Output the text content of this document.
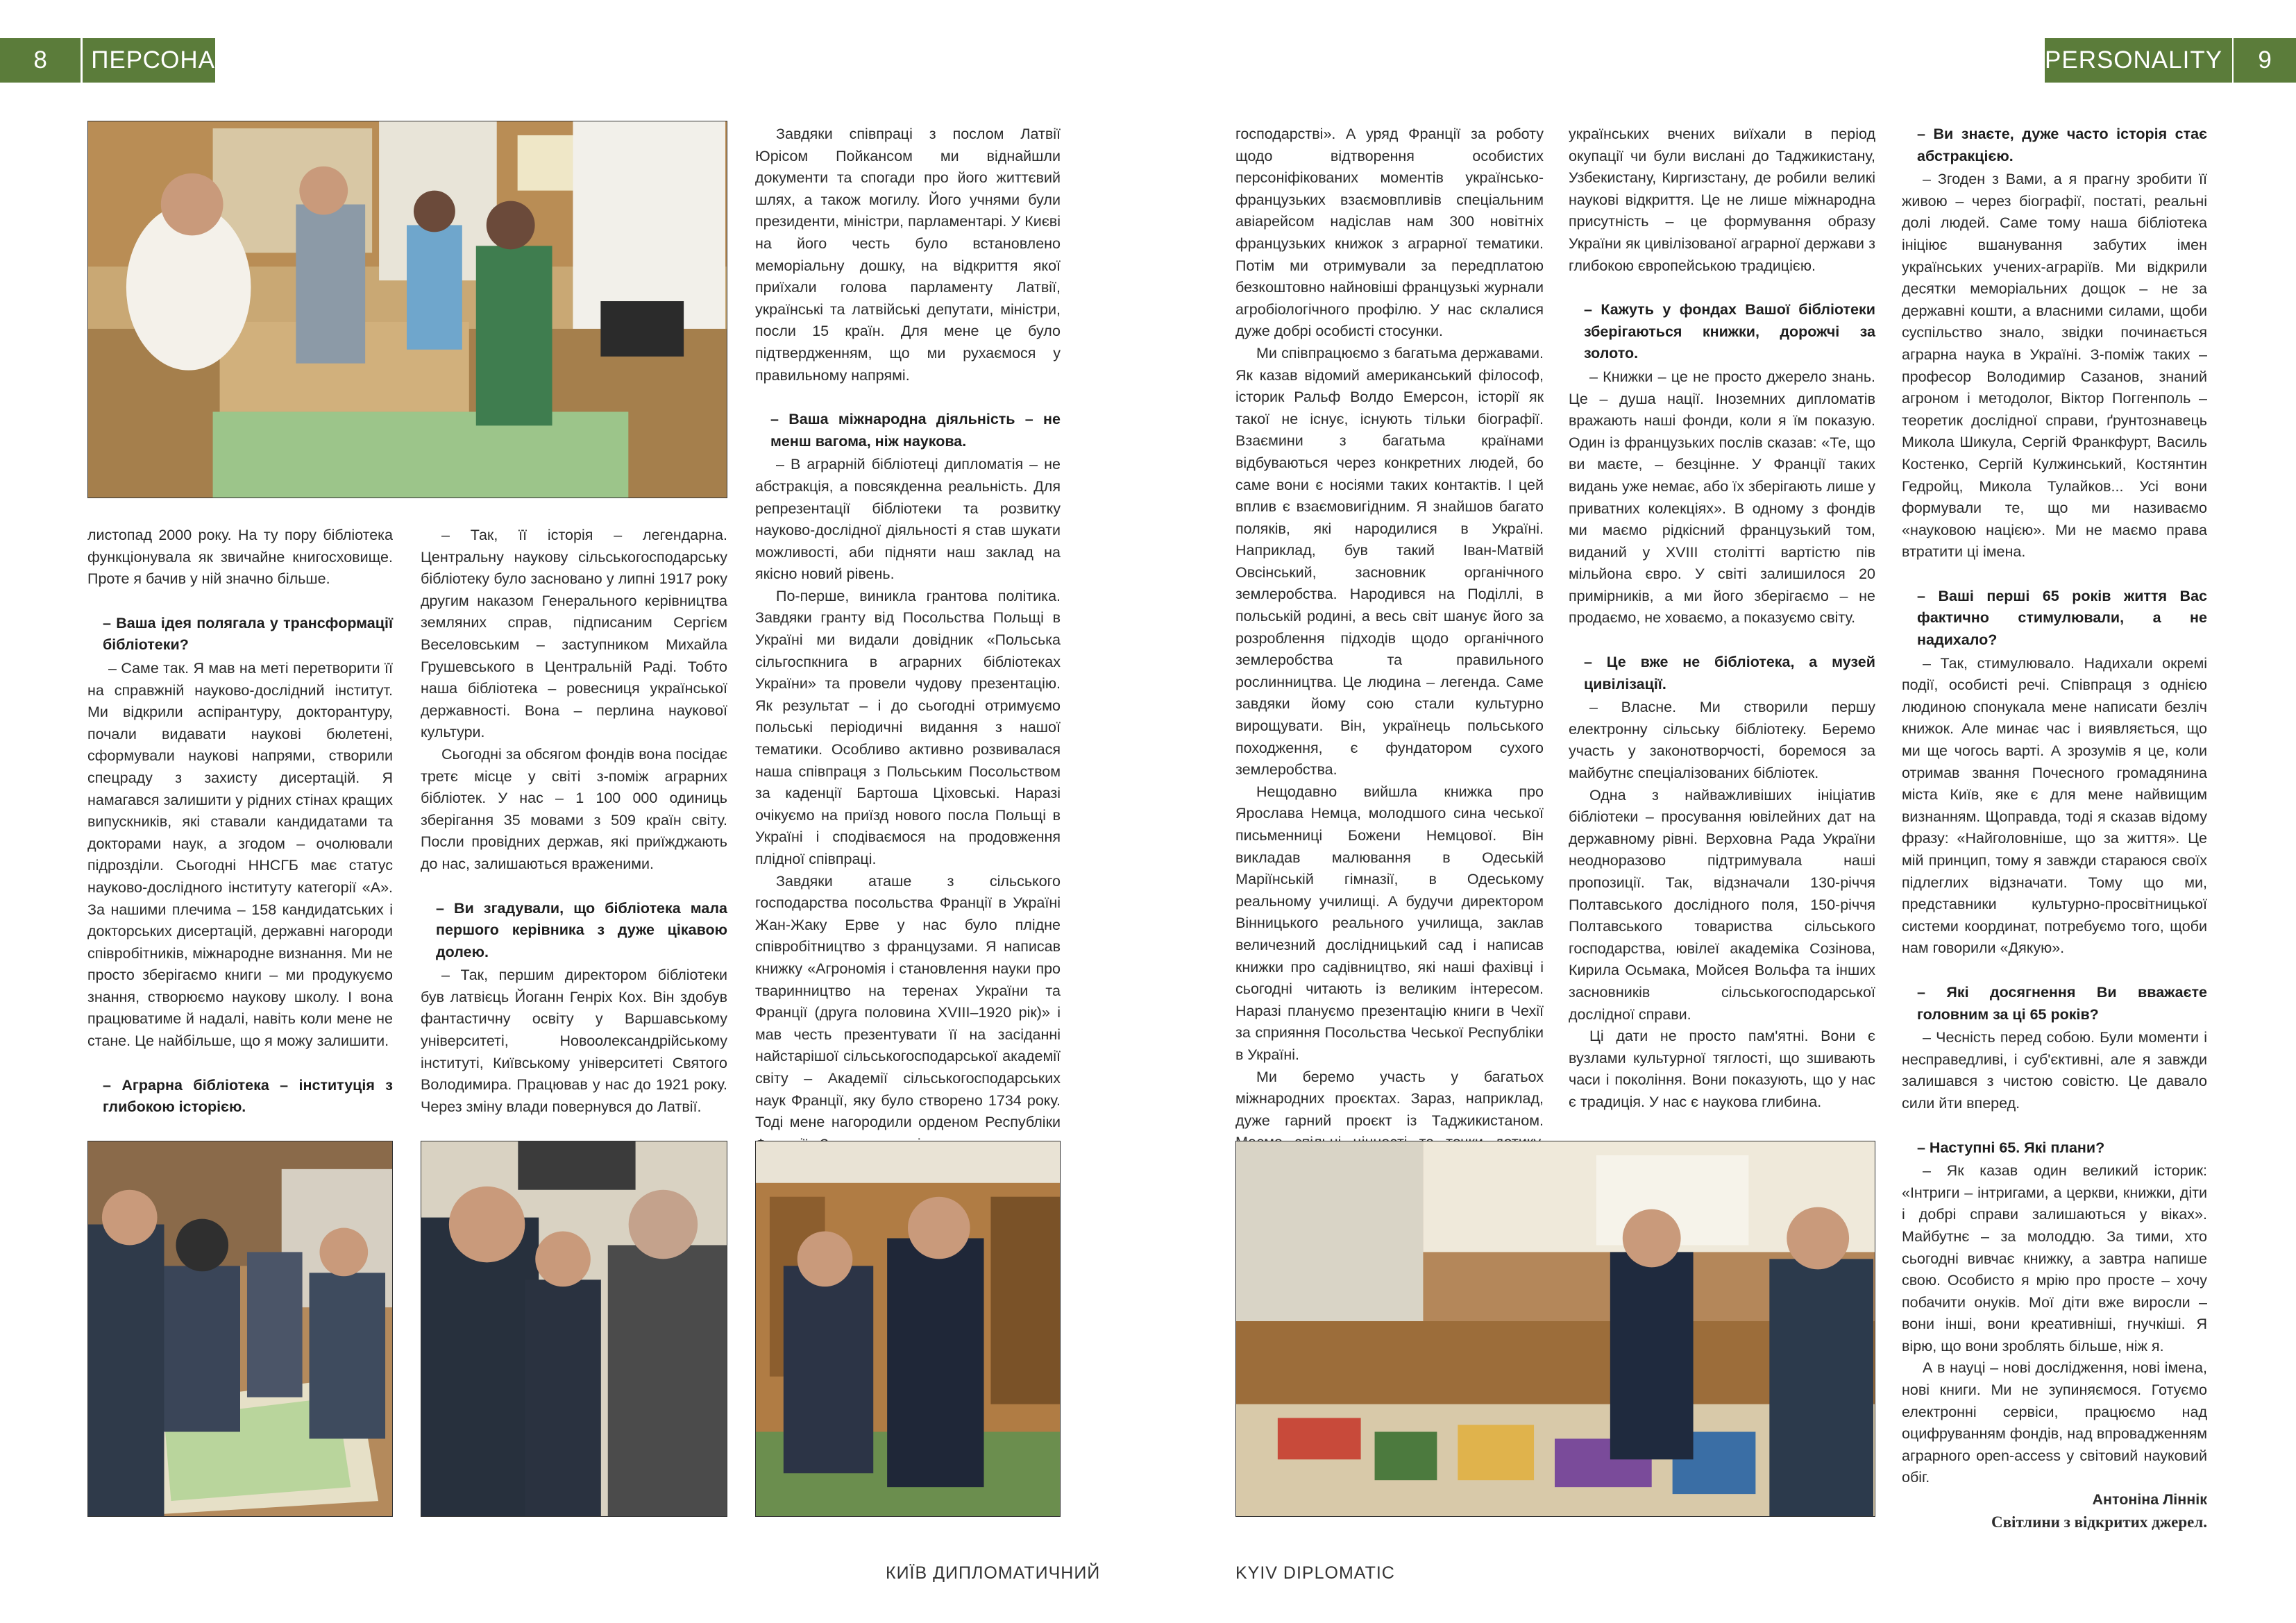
8	ПЕРСОНА	PERSONALITY	9

Завдяки співпраці з послом Латвії Юрісом Пойкансом ми віднайшли документи та спогади про його життєвий шлях, а також могилу. Його учнями були президенти, міністри, парламентарі. У Києві на його честь було встановлено меморіальну дошку, на відкриття якої приїхали голова парламенту Латвії, українські та латвійські депутати, міністри, посли 15 країн. Для мене це було підтвердженням, що ми рухаємося у правильному напрямі.

– Ваша міжнародна діяльність – не менш вагома, ніж наукова.

– В аграрній бібліотеці дипломатія – не абстракція, а повсякденна реальність. Для репрезентації бібліотеки та розвитку науково-дослідної діяльності я став шукати можливості, аби підняти наш заклад на якісно новий рівень.

По-перше, виникла грантова політика. Завдяки гранту від Посольства Польщі в Україні ми видали довідник «Польська сільгоспкнига в аграрних бібліотеках України» та провели чудову презентацію. Як результат – і до сьогодні отримуємо польські періодичні видання з нашої тематики. Особливо активно розвивалася наша співпраця з Польським Посольством за каденції Бартоша Ціховські. Наразі очікуємо на приїзд нового посла Польщі в Україні і сподіваємося на продовження плідної співпраці.

Завдяки аташе з сільського господарства посольства Франції в Україні Жан-Жаку Ерве у нас було плідне співробітництво з французами. Я написав книжку «Агрономія і становлення науки про тваринництво на теренах України та Франції (друга половина XVIII–1920 рік)» і мав честь презентувати її на засіданні найстарішої сільськогосподарської академії світу – Академії сільськогосподарських наук Франції, яку було створено 1734 року. Тоді мене нагородили орденом Республіки

листопад 2000 року. На ту пору бібліотека функціонувала як звичайне книгосховище. Проте я бачив у ній значно більше.

– Ваша ідея полягала у трансформації бібліотеки?

– Саме так. Я мав на меті перетворити її на справжній науково-дослідний інститут. Ми відкрили аспірантуру, докторантуру, почали видавати наукові бюлетені, сформували наукові напрями, створили спецраду з захисту дисертацій. Я намагався залишити у рідних стінах кращих випускників, які ставали кандидатами та докторами наук, а згодом – очолювали підрозділи. Сьогодні ННСГБ має статус науково-дослідного інституту категорії «А». За нашими плечима – 158 кандидатських і докторських дисертацій, державні нагороди співробітників, міжнародне визнання. Ми не просто зберігаємо книги – ми продукуємо знання, створюємо наукову школу. І вона працюватиме й надалі, навіть коли мене не стане. Це найбільше, що я можу залишити.

– Аграрна бібліотека – інституція з глибокою історією.

– Так, її історія – легендарна. Центральну наукову сільськогосподарську бібліотеку було засновано у липні 1917 року другим наказом Генерального керівництва земляних справ, підписаним Сергієм Веселовським – заступником Михайла Грушевського в Центральній Раді. Тобто наша бібліотека – ровесниця української державності. Вона – перлина наукової культури.

Сьогодні за обсягом фондів вона посідає третє місце у світі з-поміж аграрних бібліотек. У нас – 1 100 000 одиниць зберігання 35 мовами з 509 країн світу. Посли провідних держав, які приїжджають до нас, залишаються враженими.

– Ви згадували, що бібліотека мала першого керівника з дуже цікавою долею.

– Так, першим директором бібліотеки був латвієць Йоганн Генріх Кох. Він здобув фантастичну освіту у Варшавському університеті, Новоолександрійському інституті, Київському університеті Святого Володимира. Працював у нас до 1921 року. Через зміну влади повернувся до Латвії.

КИЇВ ДИПЛОМАТИЧНИЙ	KYIV DIPLOMATIC

господарстві». А уряд Франції за роботу щодо відтворення особистих персоніфікованих моментів українсько-французьких взаємовпливів спеціальним авіарейсом надіслав нам 300 новітніх французьких книжок з аграрної тематики. Потім ми отримували за передплатою безкоштовно найновіші французькі журнали агробіологічного профілю. У нас склалися дуже добрі особисті стосунки.

Ми співпрацюємо з багатьма державами. Як казав відомий американський філософ, історик Ральф Волдо Емерсон, історії як такої не існує, існують тільки біографії. Взаємини з багатьма країнами відбуваються через конкретних людей, бо саме вони є носіями таких контактів. І цей вплив є взаємовигідним. Я знайшов багато поляків, які народилися в Україні. Наприклад, був такий Іван-Матвій Овсінський, засновник органічного землеробства. Народився на Поділлі, в польській родині, а весь світ шанує його за розроблення підходів щодо органічного землеробства та правильного рослинництва. Це людина – легенда. Саме завдяки йому сою стали культурно вирощувати. Він, українець польського походження, є фундатором сухого землеробства.

Нещодавно вийшла книжка про Ярослава Немца, молодшого сина чеської письменниці Божени Немцової. Він викладав малювання в Одеській Маріїнській гімназії, в Одеському реальному училищі. А будучи директором Вінницького реального училища, заклав величезний дослідницький сад і написав книжки про садівництво, які нашi фахівці і сьогодні читають із великим інтересом. Наразі плануємо презентацію книги в Чехії за сприяння Посольства Чеської Республіки в Україні.

Ми беремо участь у багатьох міжнародних проєктах. Зараз, наприклад, дуже гарний проєкт із Таджикистаном.

українських вчених виїхали в період окупації чи були вислані до Таджикистану, Узбекистану, Киргизстану, де робили великі наукові відкриття. Це не лише міжнародна присутність – це формування образу України як цивілізованої аграрної держави з глибокою європейською традицією.

– Кажуть у фондах Вашої бібліотеки зберігаються книжки, дорожчі за золото.

– Книжки – це не просто джерело знань. Це – душа нації. Іноземних дипломатів вражають наші фонди, коли я їм показую. Один із французьких послів сказав: «Те, що ви маєте, – безцінне. У Франції таких видань уже немає, або їх зберігають лише у приватних колекціях». В одному з фондів ми маємо рідкісний французький том, виданий у XVIII столітті вартістю пів мільйона євро. У світі залишилося 20 примірників, а ми його зберігаємо – не продаємо, не ховаємо, а показуємо світу.

– Це вже не бібліотека, а музей цивілізації.

– Власне. Ми створили першу електронну сільську бібліотеку. Беремо участь у законотворчості, боремося за майбутнє спеціалізованих бібліотек.

Одна з найважливіших ініціатив бібліотеки – просування ювілейних дат на державному рівні. Верховна Рада України неодноразово підтримувала наші пропозиції. Так, відзначали 130-річчя Полтавського дослідного поля, 150-річчя Полтавського товариства сільського господарства, ювілеї академіка Созінова, Кирила Осьмака, Мойсея Вольфа та інших засновників сільськогосподарської дослідної справи.

Ці дати не просто пам'ятні. Вони є вузлами культурної тяглості, що зшивають часи і покоління. Вони показують, що у нас є традиція. У нас є наукова глибина.

– Ви знаєте, дуже часто історія стає абстракцією.

– Згоден з Вами, а я прагну зробити її живою – через біографії, постаті, реальні долі людей. Саме тому наша бібліотека ініціює вшанування забутих імен українських учених-аграріїв. Ми відкрили десятки меморіальних дощок – не за державні кошти, а власними силами, щоби суспільство знало, звідки починається аграрна наука в Україні. З-поміж таких – професор Володимир Сазанов, знаний агроном і методолог, Віктор Поггенполь – теоретик дослідної справи, ґрунтознавець Микола Шикула, Сергій Франкфурт, Василь Костенко, Сергій Кулжинський, Костянтин Гедройц, Микола Тулайков... Усі вони формували те, що ми називаємо «науковою нацією». Ми не маємо права втратити ці імена.

– Ваші перші 65 років життя Вас фактично стимулювали, а не надихало?

– Так, стимулювало. Надихали окремі події, особисті речі. Співпраця з однією людиною спонукала мене написати безліч книжок. Але минає час і виявляється, що ми ще чогось варті. А зрозумів я це, коли отримав звання Почесного громадянина міста Київ, яке є для мене найвищим визнанням. Щоправда, тоді я сказав відому фразу: «Найголовніше, що за життя». Це мій принцип, тому я завжди стараюся своїх підлеглих відзначати. Тому що ми, представники культурно-просвітницької системи координат, потребуємо того, щоби нам говорили «Дякую».

– Які досягнення Ви вважаєте головним за ці 65 років?

– Чесність перед собою. Були моменти і несправедливі, і суб'єктивні, але я завжди залишався з чистою совістю. Це давало сили йти вперед.

– Наступні 65. Які плани?

– Як казав один великий історик: «Інтриги – інтригами, а церкви, книжки, діти і добрі справи залишаються у віках». Майбутнє – за молоддю. За тими, хто сьогодні вивчає книжку, а завтра напише свою. Особисто я мрію про просте – хочу побачити онуків. Мої діти вже виросли – вони інші, вони креативніші, гнучкіші. Я вірю, що вони зроблять більше, ніж я.

А в науці – нові дослідження, нові імена, нові книги. Ми не зупиняємося. Готуємо електронні сервіси, працюємо над оцифруванням фондів, над впровадженням аграрного open-access у світовий науковий обіг.

Антоніна Ліннік

Світлини з відкритих джерел.
